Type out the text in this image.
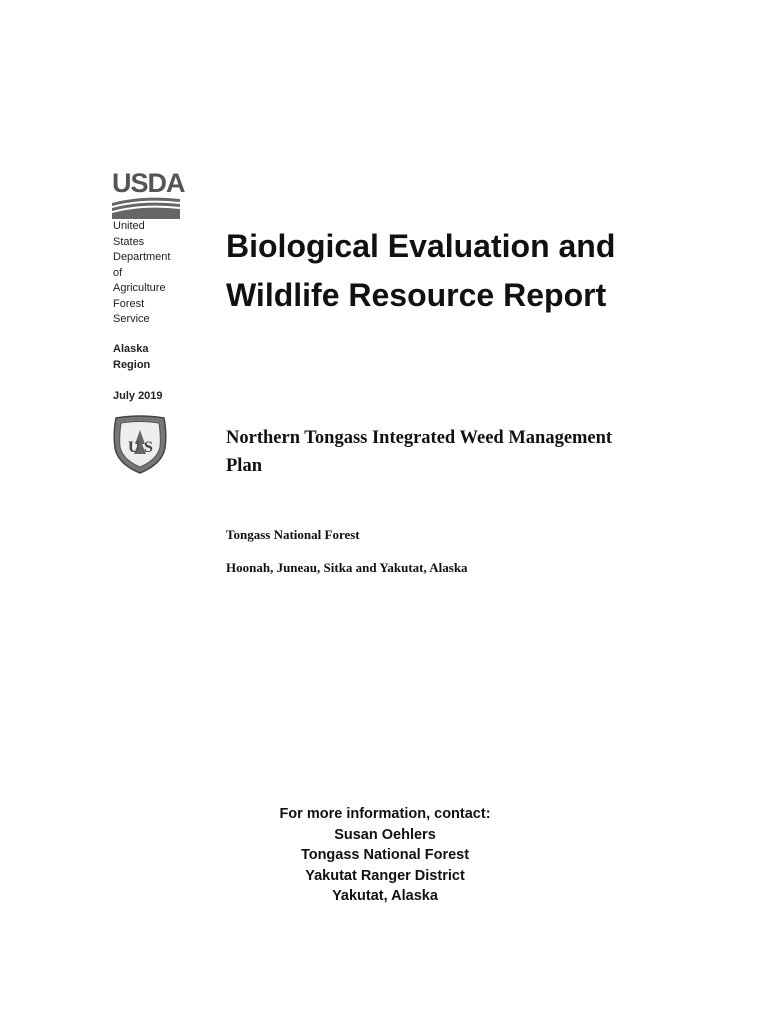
USDA
United
States
Department
of
Agriculture
Forest
Service
Alaska
Region
July 2019
U S
Biological Evaluation and
Wildlife Resource Report
Northern Tongass Integrated Weed Management
Plan
Tongass National Forest
Hoonah, Juneau, Sitka and Yakutat, Alaska
For more information, contact:
Susan Oehlers
Tongass National Forest
Yakutat Ranger District
Yakutat, Alaska
